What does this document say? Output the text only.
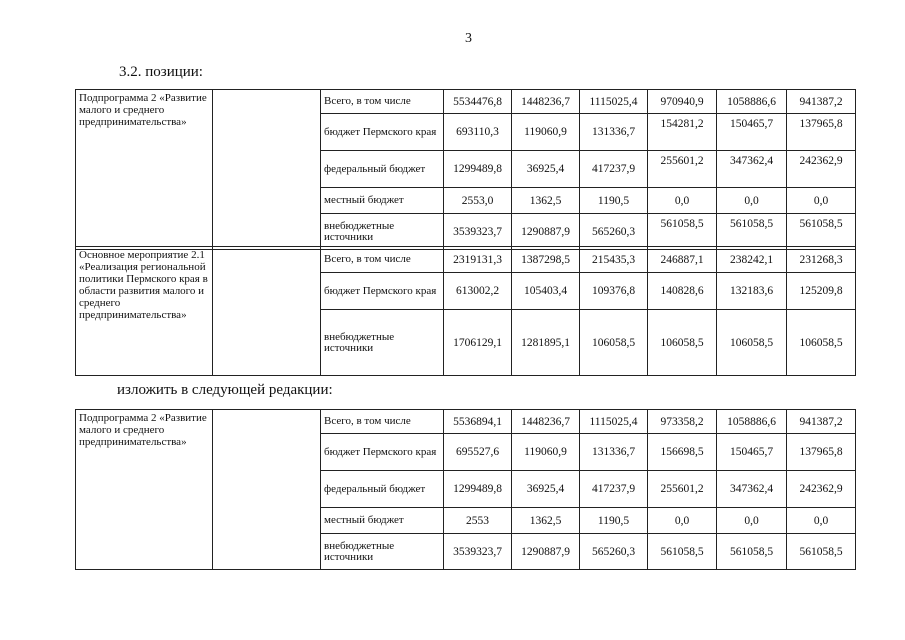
3
3.2. позиции:
Подпрограмма 2 «Развитие малого и среднего предпринимательства»		Всего, в том числе	5534476,8	1448236,7	1115025,4	970940,9	1058886,6	941387,2
		бюджет Пермского края	693110,3	119060,9	131336,7	154281,2	150465,7	137965,8
		федеральный бюджет	1299489,8	36925,4	417237,9	255601,2	347362,4	242362,9
		местный бюджет	2553,0	1362,5	1190,5	0,0	0,0	0,0
		внебюджетные источники	3539323,7	1290887,9	565260,3	561058,5	561058,5	561058,5
Основное мероприятие 2.1 «Реализация региональной политики Пермского края в области развития малого и среднего предпринимательства»		Всего, в том числе	2319131,3	1387298,5	215435,3	246887,1	238242,1	231268,3
		бюджет Пермского края	613002,2	105403,4	109376,8	140828,6	132183,6	125209,8
		внебюджетные источники	1706129,1	1281895,1	106058,5	106058,5	106058,5	106058,5
изложить в следующей редакции:
Подпрограмма 2 «Развитие малого и среднего предпринимательства»		Всего, в том числе	5536894,1	1448236,7	1115025,4	973358,2	1058886,6	941387,2
		бюджет Пермского края	695527,6	119060,9	131336,7	156698,5	150465,7	137965,8
		федеральный бюджет	1299489,8	36925,4	417237,9	255601,2	347362,4	242362,9
		местный бюджет	2553	1362,5	1190,5	0,0	0,0	0,0
		внебюджетные источники	3539323,7	1290887,9	565260,3	561058,5	561058,5	561058,5
